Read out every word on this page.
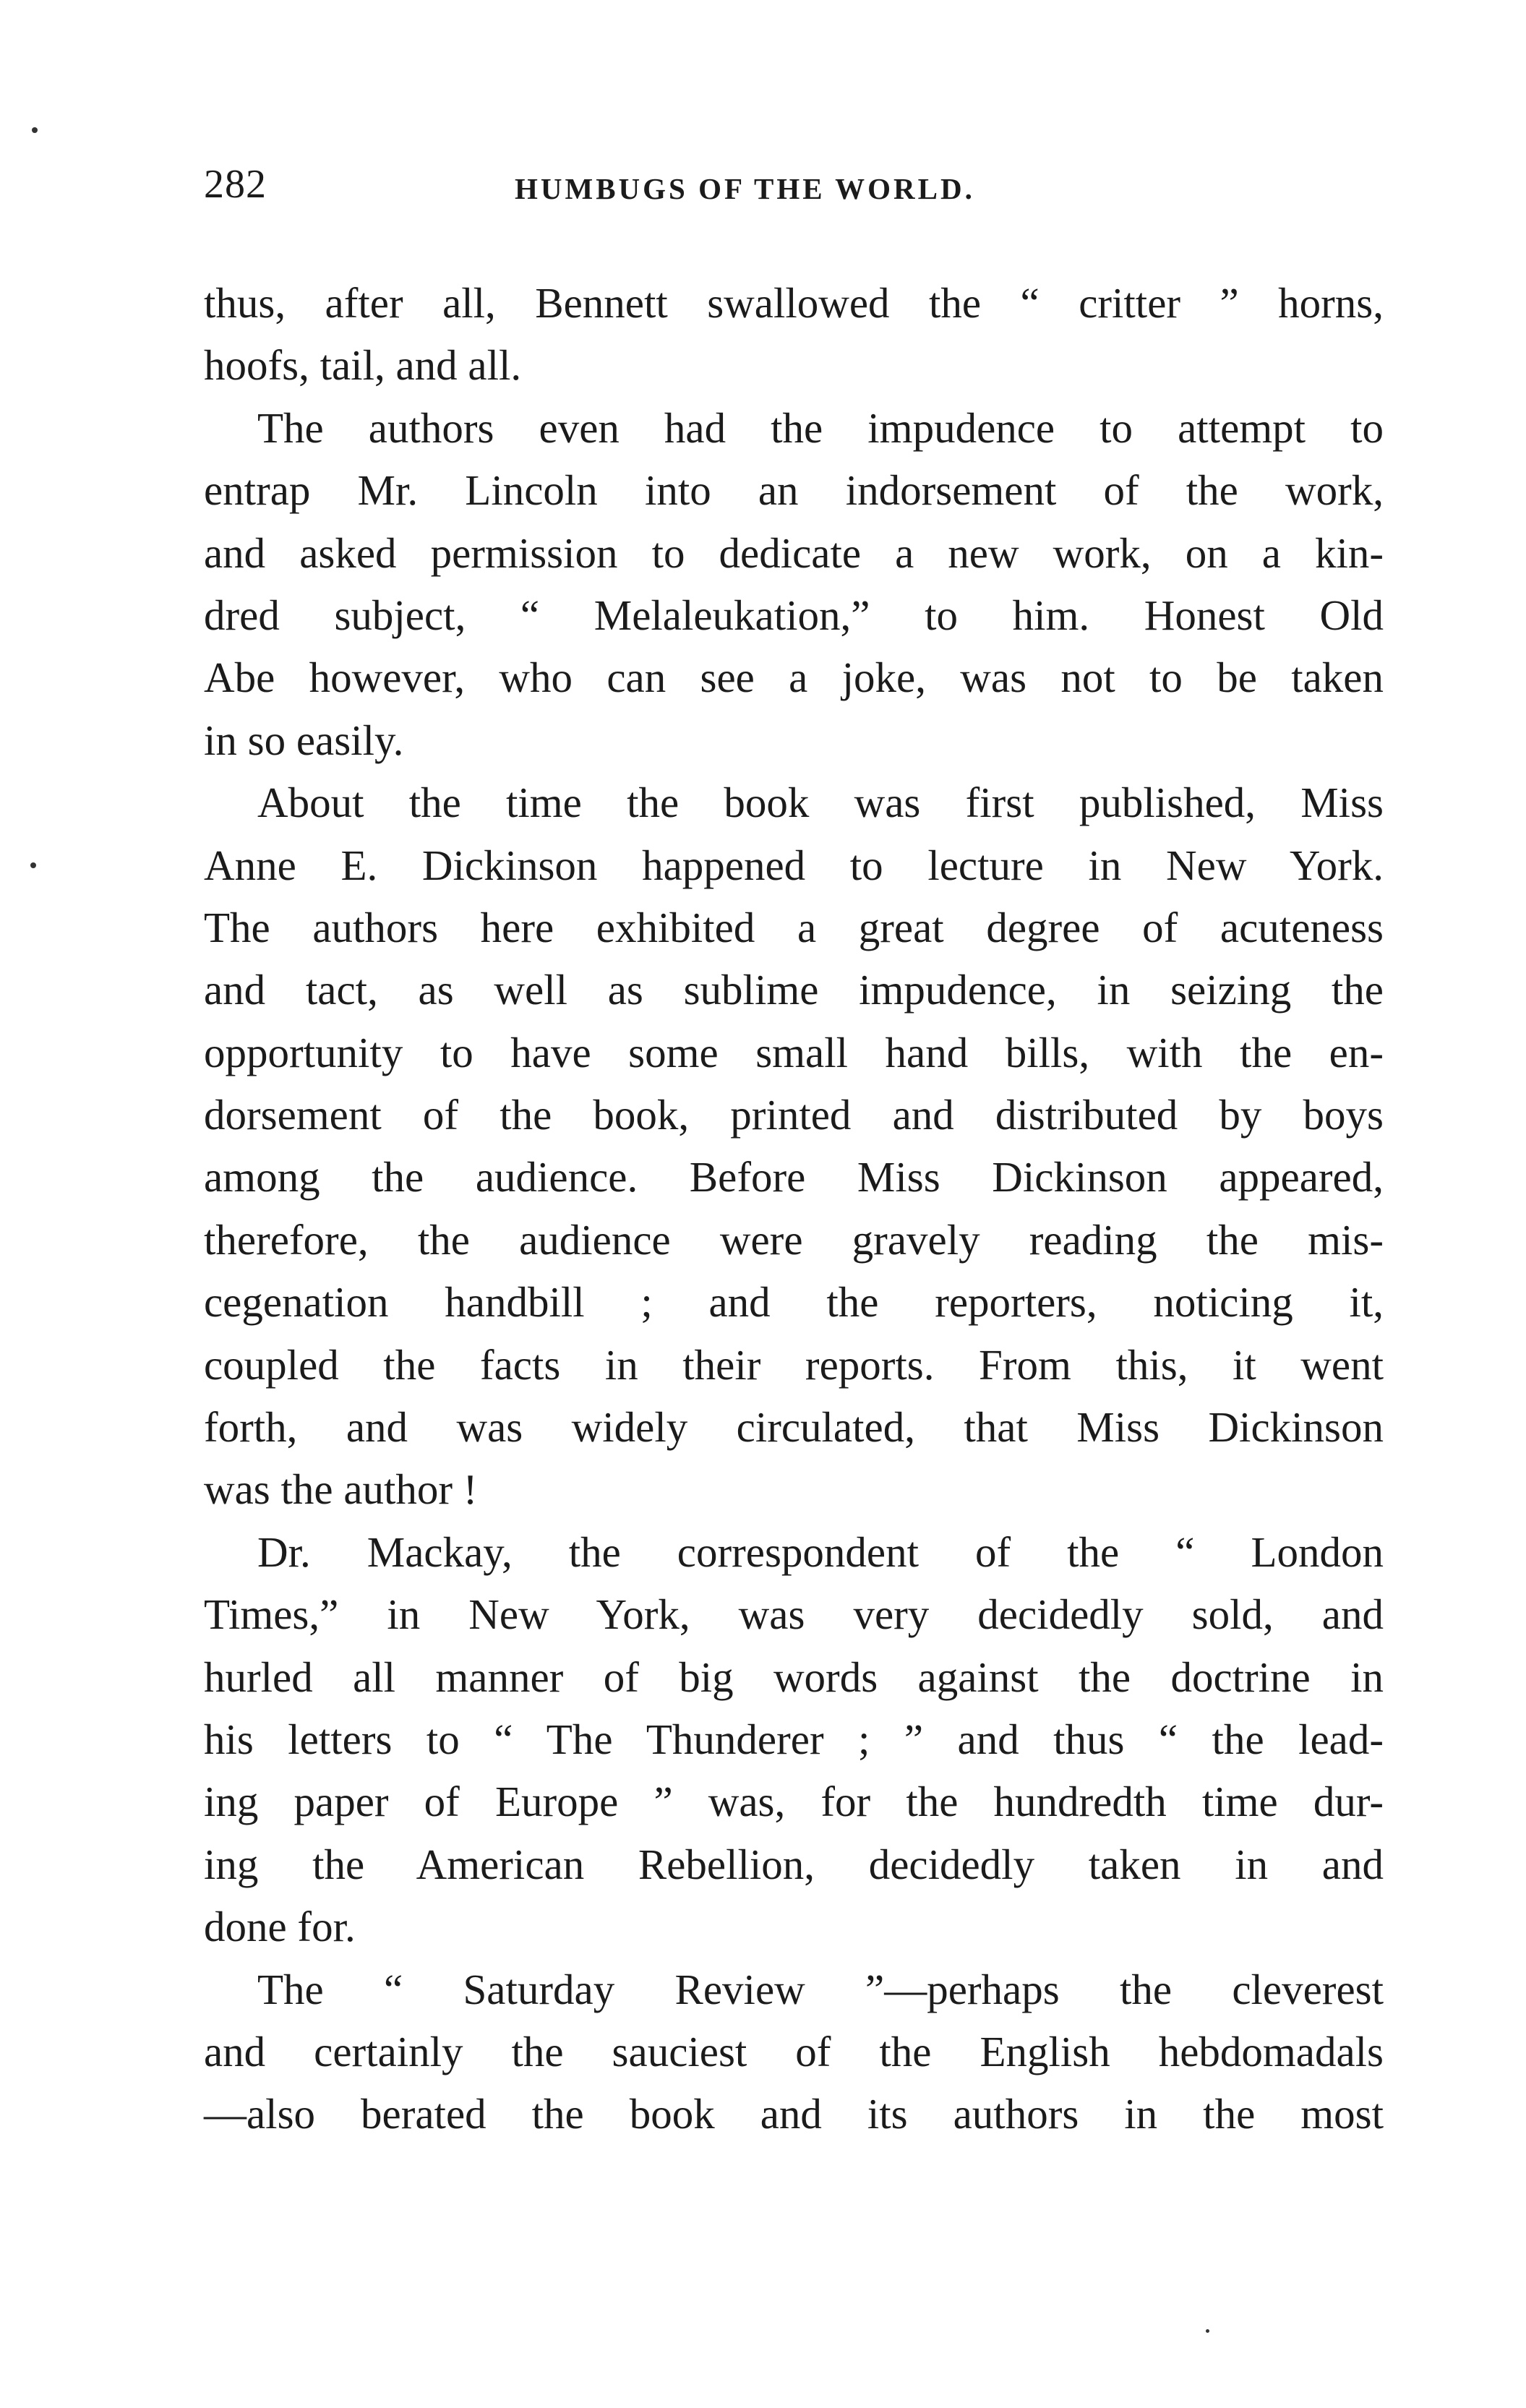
282	HUMBUGS OF THE WORLD.
thus, after all, Bennett swallowed the “ critter ” horns,
hoofs, tail, and all.
The authors even had the impudence to attempt to
entrap Mr. Lincoln into an indorsement of the work,
and asked permission to dedicate a new work, on a kin-
dred subject, “ Melaleukation,” to him. Honest Old
Abe however, who can see a joke, was not to be taken
in so easily.
About the time the book was first published, Miss
Anne E. Dickinson happened to lecture in New York.
The authors here exhibited a great degree of acuteness
and tact, as well as sublime impudence, in seizing the
opportunity to have some small hand bills, with the en-
dorsement of the book, printed and distributed by boys
among the audience. Before Miss Dickinson appeared,
therefore, the audience were gravely reading the mis-
cegenation handbill ; and the reporters, noticing it,
coupled the facts in their reports. From this, it went
forth, and was widely circulated, that Miss Dickinson
was the author !
Dr. Mackay, the correspondent of the “ London
Times,” in New York, was very decidedly sold, and
hurled all manner of big words against the doctrine in
his letters to “ The Thunderer ; ” and thus “ the lead-
ing paper of Europe ” was, for the hundredth time dur-
ing the American Rebellion, decidedly taken in and
done for.
The “ Saturday Review ”—perhaps the cleverest
and certainly the sauciest of the English hebdomadals
—also berated the book and its authors in the most
